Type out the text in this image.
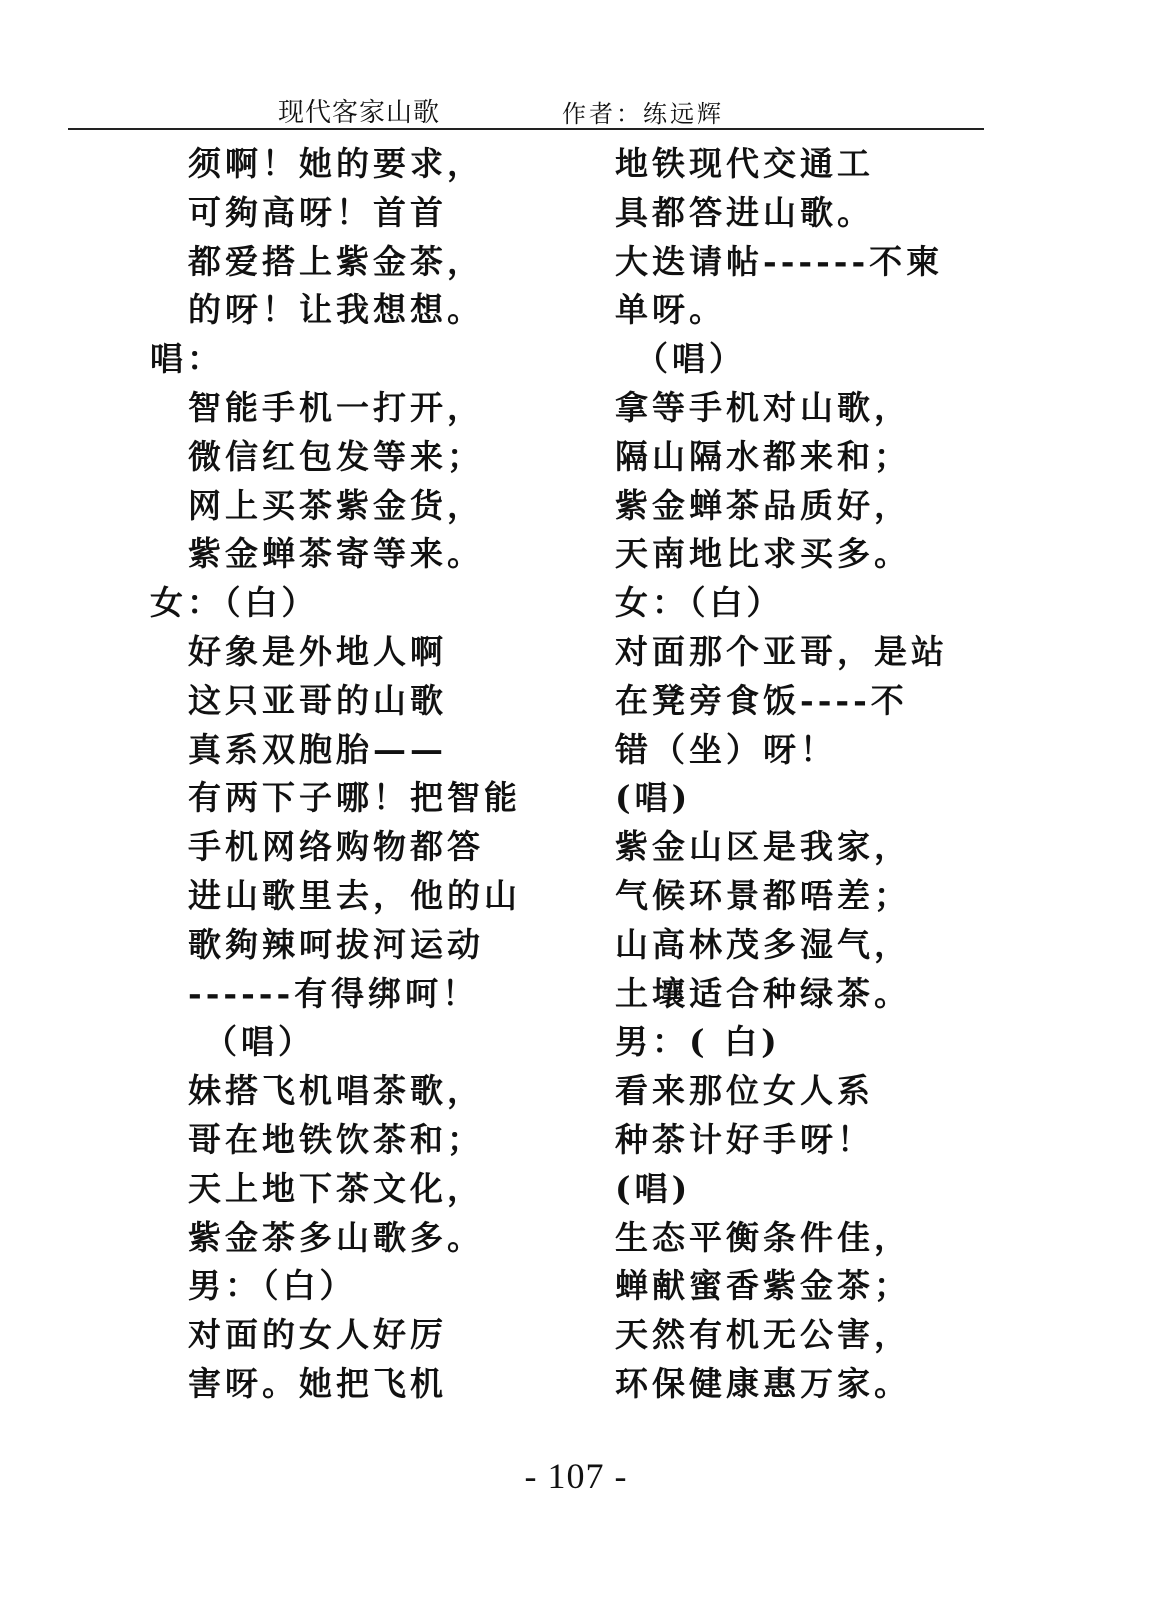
现代客家山歌	作者：练远辉
须啊！她的要求，
可夠高呀！首首
都爱搭上紫金茶，
的呀！让我想想。
唱：
智能手机一打开，
微信红包发等来；
网上买茶紫金货，
紫金蝉茶寄等来。
女：（白）
好象是外地人啊
这只亚哥的山歌
真系双胞胎——
有两下子哪！把智能
手机网络购物都答
进山歌里去，他的山
歌夠辣呵拔河运动
------有得绑呵！
（唱）
妹搭飞机唱茶歌，
哥在地铁饮茶和；
天上地下茶文化，
紫金茶多山歌多。
男：（白）
对面的女人好厉
害呀。她把飞机
地铁现代交通工
具都答进山歌。
大迭请帖------不柬
单呀。
（唱）
拿等手机对山歌，
隔山隔水都来和；
紫金蝉茶品质好，
天南地比求买多。
女：（白）
对面那个亚哥，是站
在凳旁食饭----不
错（坐）呀！
(唱)
紫金山区是我家，
气候环景都唔差；
山高林茂多湿气，
土壤适合种绿茶。
男：( 白)
看来那位女人系
种茶计好手呀！
(唱)
生态平衡条件佳，
蝉献蜜香紫金茶；
天然有机无公害，
环保健康惠万家。
- 107 -
